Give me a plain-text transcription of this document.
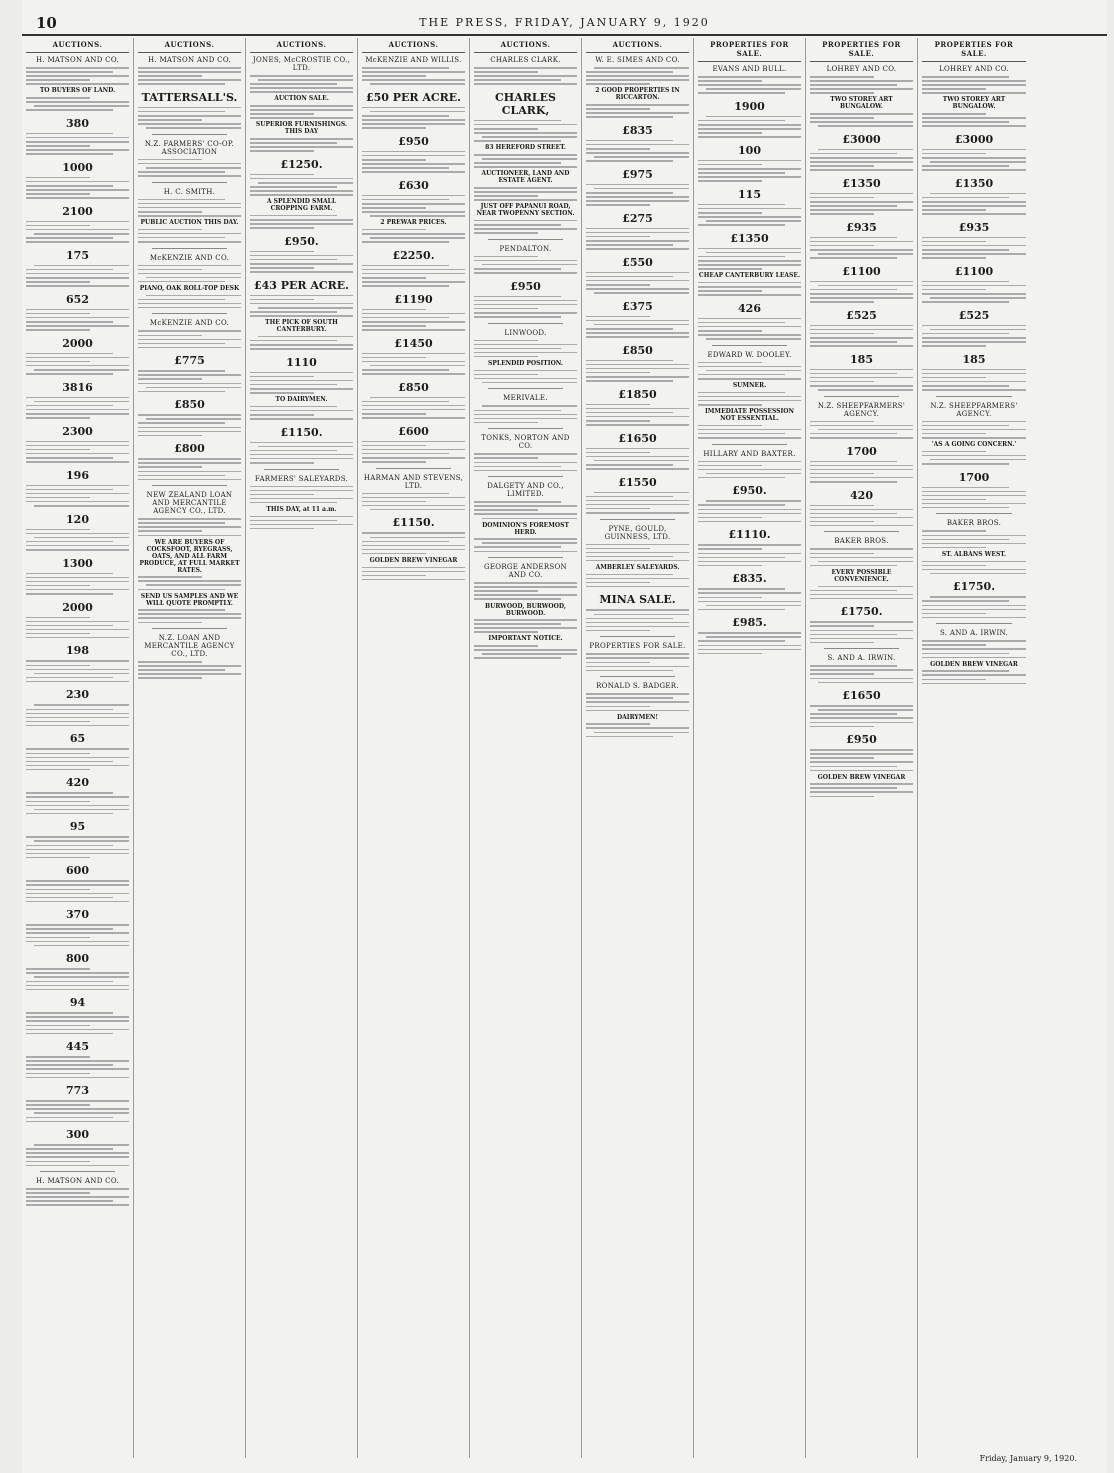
10	THE PRESS, FRIDAY, JANUARY 9, 1920
AUCTIONS.
H. MATSON AND CO.
TO BUYERS OF LAND.
380
1000
2100
175
652
2000
3816
2300
196
120
1300
2000
198
230
65
420
95
600
370
800
94
445
773
300
H. MATSON AND CO.
AUCTIONS.
H. MATSON AND CO.
TATTERSALL'S.
N.Z. FARMERS' CO-OP. ASSOCIATION
H. C. SMITH.
PUBLIC AUCTION THIS DAY.
McKENZIE AND CO.
PIANO, OAK ROLL-TOP DESK
McKENZIE AND CO.
£775
£850
£800
NEW ZEALAND LOAN AND MERCANTILE AGENCY CO., LTD.
WE ARE BUYERS OF COCKSFOOT, RYEGRASS, OATS, AND ALL FARM PRODUCE, AT FULL MARKET RATES.
SEND US SAMPLES AND WE WILL QUOTE PROMPTLY.
N.Z. LOAN AND MERCANTILE AGENCY CO., LTD.
AUCTIONS.
JONES, McCROSTIE CO., LTD.
AUCTION SALE.
SUPERIOR FURNISHINGS. THIS DAY
£1250.
A SPLENDID SMALL CROPPING FARM.
£950.
£43 PER ACRE.
THE PICK OF SOUTH CANTERBURY.
1110
TO DAIRYMEN.
£1150.
FARMERS' SALEYARDS.
THIS DAY, at 11 a.m.
AUCTIONS.
McKENZIE AND WILLIS.
£50 PER ACRE.
£950
£630
2 PREWAR PRICES.
£2250.
£1190
£1450
£850
£600
HARMAN AND STEVENS, LTD.
£1150.
GOLDEN BREW VINEGAR
AUCTIONS.
CHARLES CLARK.
CHARLES CLARK,
83 HEREFORD STREET.
AUCTIONEER, LAND AND ESTATE AGENT.
JUST OFF PAPANUI ROAD, NEAR TWOPENNY SECTION.
PENDALTON.
£950
LINWOOD.
SPLENDID POSITION.
MERIVALE.
TONKS, NORTON AND CO.
DALGETY AND CO., LIMITED.
DOMINION'S FOREMOST HERD.
GEORGE ANDERSON AND CO.
BURWOOD, BURWOOD, BURWOOD.
IMPORTANT NOTICE.
AUCTIONS.
W. E. SIMES AND CO.
2 GOOD PROPERTIES IN RICCARTON.
£835
£975
£275
£550
£375
£850
£1850
£1650
£1550
PYNE, GOULD, GUINNESS, LTD.
AMBERLEY SALEYARDS.
MINA SALE.
PROPERTIES FOR SALE.
RONALD S. BADGER.
DAIRYMEN!
PROPERTIES FOR SALE.
EVANS AND BULL.
1900
100
115
£1350
CHEAP CANTERBURY LEASE.
426
EDWARD W. DOOLEY.
SUMNER.
IMMEDIATE POSSESSION NOT ESSENTIAL.
HILLARY AND BAXTER.
£950.
£1110.
£835.
£985.
PROPERTIES FOR SALE.
LOHREY AND CO.
TWO STOREY ART BUNGALOW.
£3000
£1350
£935
£1100
£525
185
N.Z. SHEEPFARMERS' AGENCY.
1700
420
BAKER BROS.
EVERY POSSIBLE CONVENIENCE.
£1750.
S. AND A. IRWIN.
£1650
£950
GOLDEN BREW VINEGAR
PROPERTIES FOR SALE.
LOHREY AND CO.
TWO STOREY ART BUNGALOW.
£3000
£1350
£935
£1100
£525
185
N.Z. SHEEPFARMERS' AGENCY.
'AS A GOING CONCERN.'
1700
BAKER BROS.
ST. ALBANS WEST.
£1750.
S. AND A. IRWIN.
GOLDEN BREW VINEGAR
Friday, January 9, 1920.
